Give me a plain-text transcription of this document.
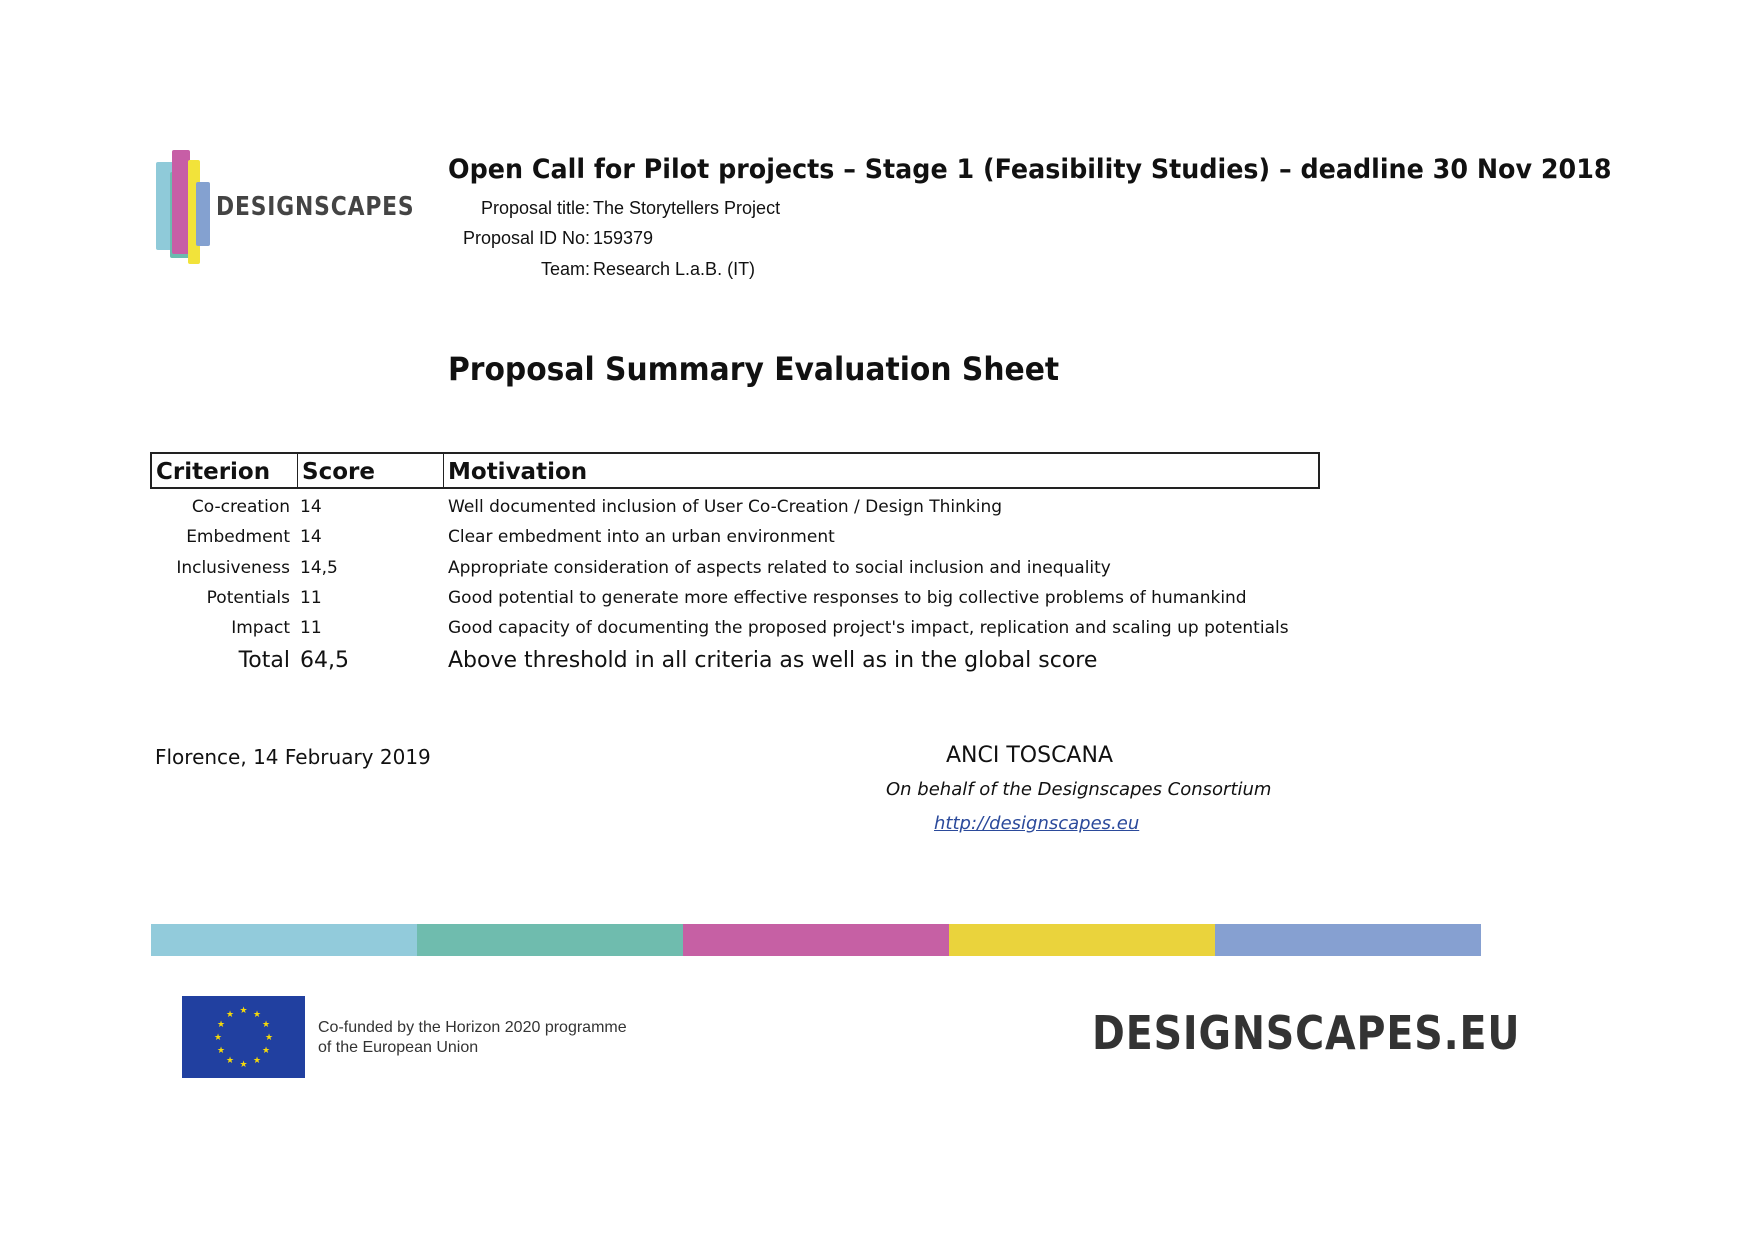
DESIGNSCAPES
Open Call for Pilot projects – Stage 1 (Feasibility Studies) – deadline 30 Nov 2018
Proposal title: The Storytellers Project
Proposal ID No: 159379
Team: Research L.a.B. (IT)
Proposal Summary Evaluation Sheet
Criterion	Score	Motivation
Co-creation 14	Well documented inclusion of User Co-Creation / Design Thinking
Embedment 14	Clear embedment into an urban environment
Inclusiveness 14,5	Appropriate consideration of aspects related to social inclusion and inequality
Potentials 11	Good potential to generate more effective responses to big collective problems of humankind
Impact 11	Good capacity of documenting the proposed project's impact, replication and scaling up potentials
Total 64,5	Above threshold in all criteria as well as in the global score
Florence, 14 February 2019	ANCI TOSCANA
On behalf of the Designscapes Consortium
http://designscapes.eu
★ ★
★
★
★
★
★
★
★
★
★
★
Co-funded by the Horizon 2020 programme
of the European Union	DESIGNSCAPES.EU
